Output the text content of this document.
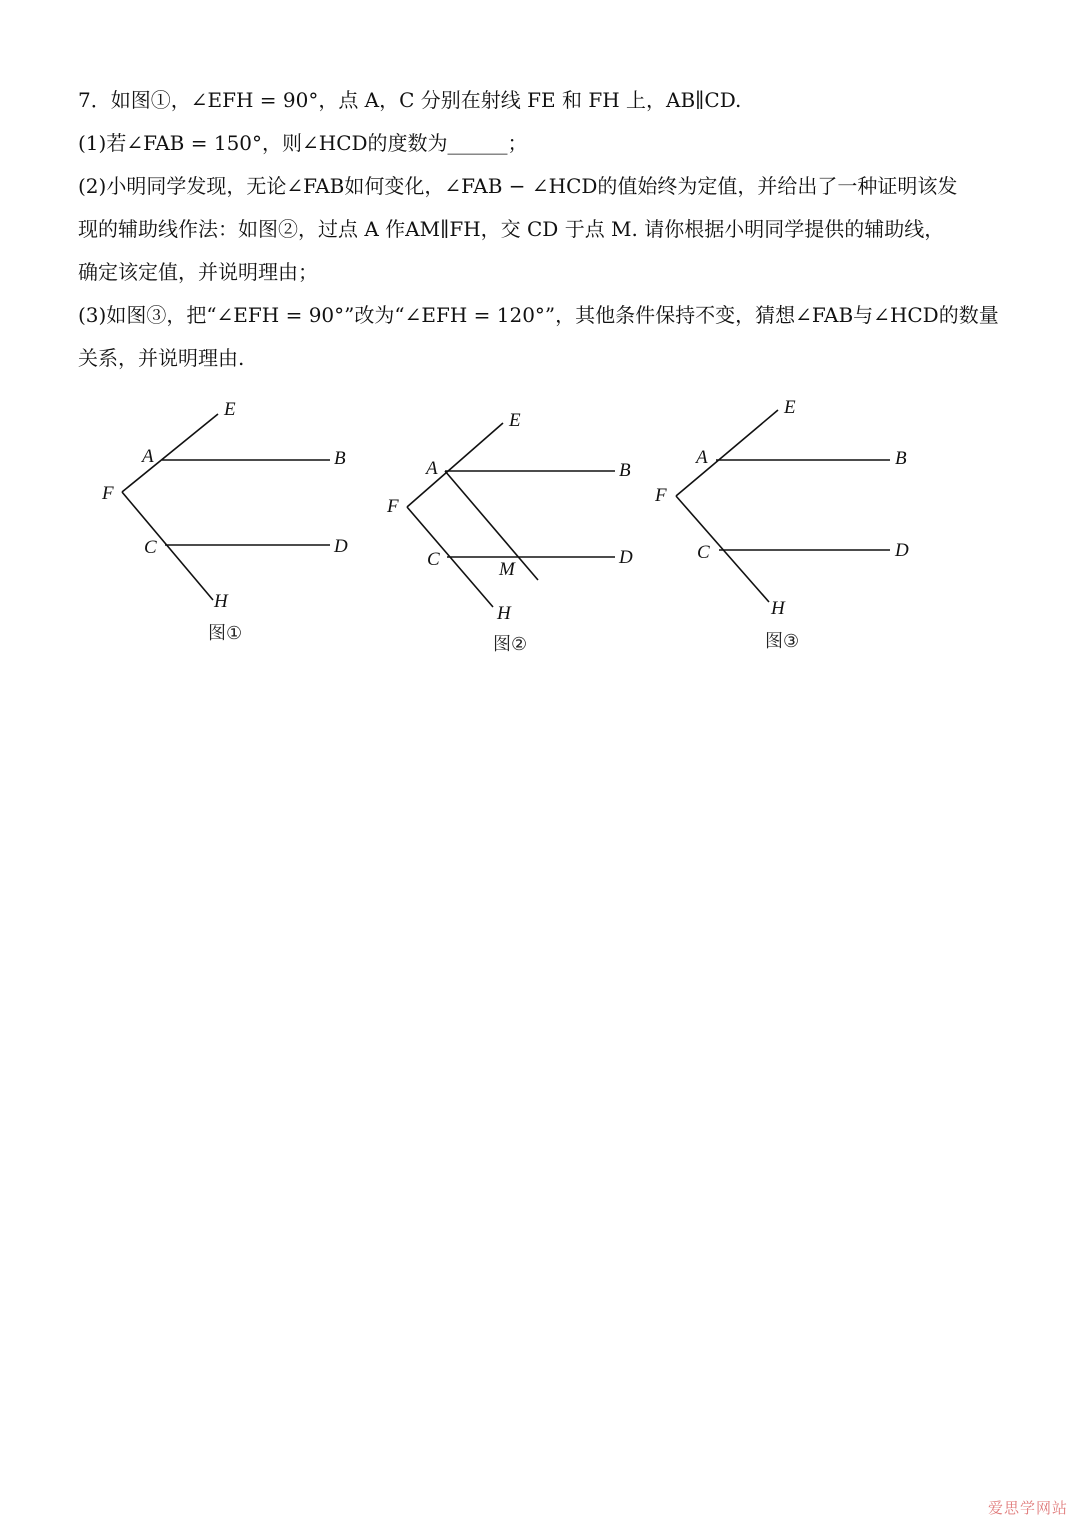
7．如图①，∠EFH = 90°，点 A，C 分别在射线 FE 和 FH 上，AB∥CD.
(1)若∠FAB = 150°，则∠HCD的度数为______；
(2)小明同学发现，无论∠FAB如何变化，∠FAB − ∠HCD的值始终为定值，并给出了一种证明该发
现的辅助线作法：如图②，过点 A 作AM∥FH，交 CD 于点 M. 请你根据小明同学提供的辅助线，
确定该定值，并说明理由；
(3)如图③，把“∠EFH = 90°”改为“∠EFH = 120°”，其他条件保持不变，猜想∠FAB与∠HCD的数量
关系，并说明理由.
E
A	B
F
C	D
H
图①
E
A	B
F
C	M
D
H
图②
E
A	B
F
C	D
H
图③
爱思学网站
